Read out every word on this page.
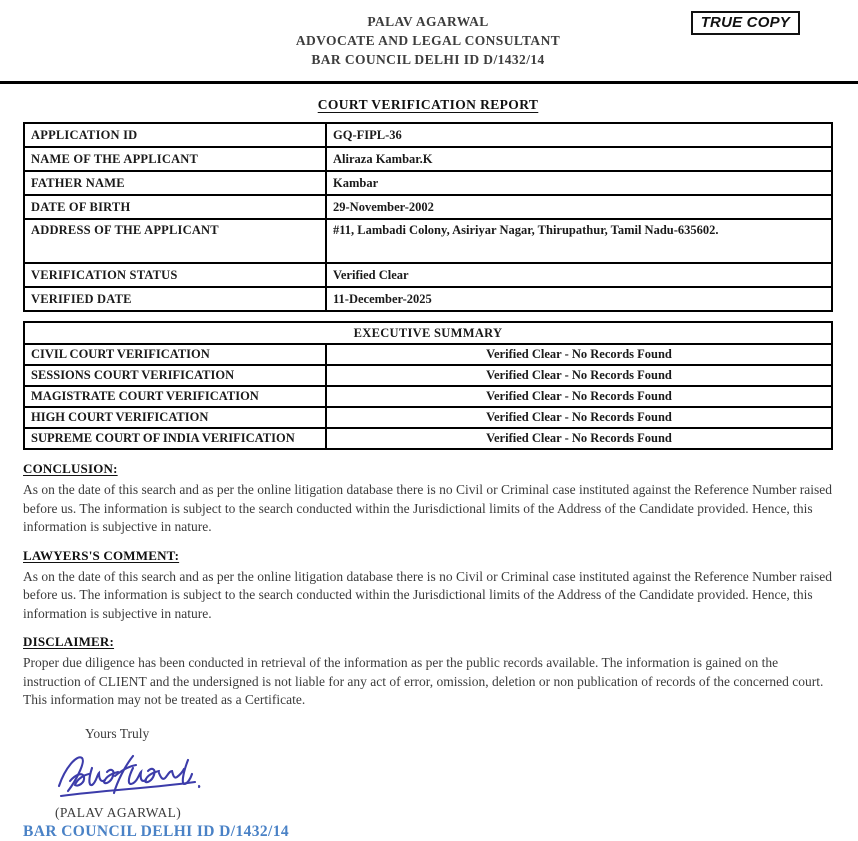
PALAV AGARWAL
ADVOCATE AND LEGAL CONSULTANT
BAR COUNCIL DELHI ID D/1432/14
TRUE COPY
COURT VERIFICATION REPORT
APPLICATION ID	GQ-FIPL-36
NAME OF THE APPLICANT	Aliraza Kambar.K
FATHER NAME	Kambar
DATE OF BIRTH	29-November-2002
ADDRESS OF THE APPLICANT	#11, Lambadi Colony, Asiriyar Nagar, Thirupathur, Tamil Nadu-635602.
VERIFICATION STATUS	Verified Clear
VERIFIED DATE	11-December-2025
EXECUTIVE SUMMARY	
CIVIL COURT VERIFICATION	Verified Clear - No Records Found
SESSIONS COURT VERIFICATION	Verified Clear - No Records Found
MAGISTRATE COURT VERIFICATION	Verified Clear - No Records Found
HIGH COURT VERIFICATION	Verified Clear - No Records Found
SUPREME COURT OF INDIA VERIFICATION	Verified Clear - No Records Found
CONCLUSION:
As on the date of this search and as per the online litigation database there is no Civil or Criminal case instituted against the Reference Number raised before us. The information is subject to the search conducted within the Jurisdictional limits of the Address of the Candidate provided. Hence, this information is subjective in nature.
LAWYERS'S COMMENT:
As on the date of this search and as per the online litigation database there is no Civil or Criminal case instituted against the Reference Number raised before us. The information is subject to the search conducted within the Jurisdictional limits of the Address of the Candidate provided. Hence, this information is subjective in nature.
DISCLAIMER:
Proper due diligence has been conducted in retrieval of the information as per the public records available. The information is gained on the instruction of CLIENT and the undersigned is not liable for any act of error, omission, deletion or non publication of records of the concerned court. This information may not be treated as a Certificate.
Yours Truly
(PALAV AGARWAL)
BAR COUNCIL DELHI ID D/1432/14
